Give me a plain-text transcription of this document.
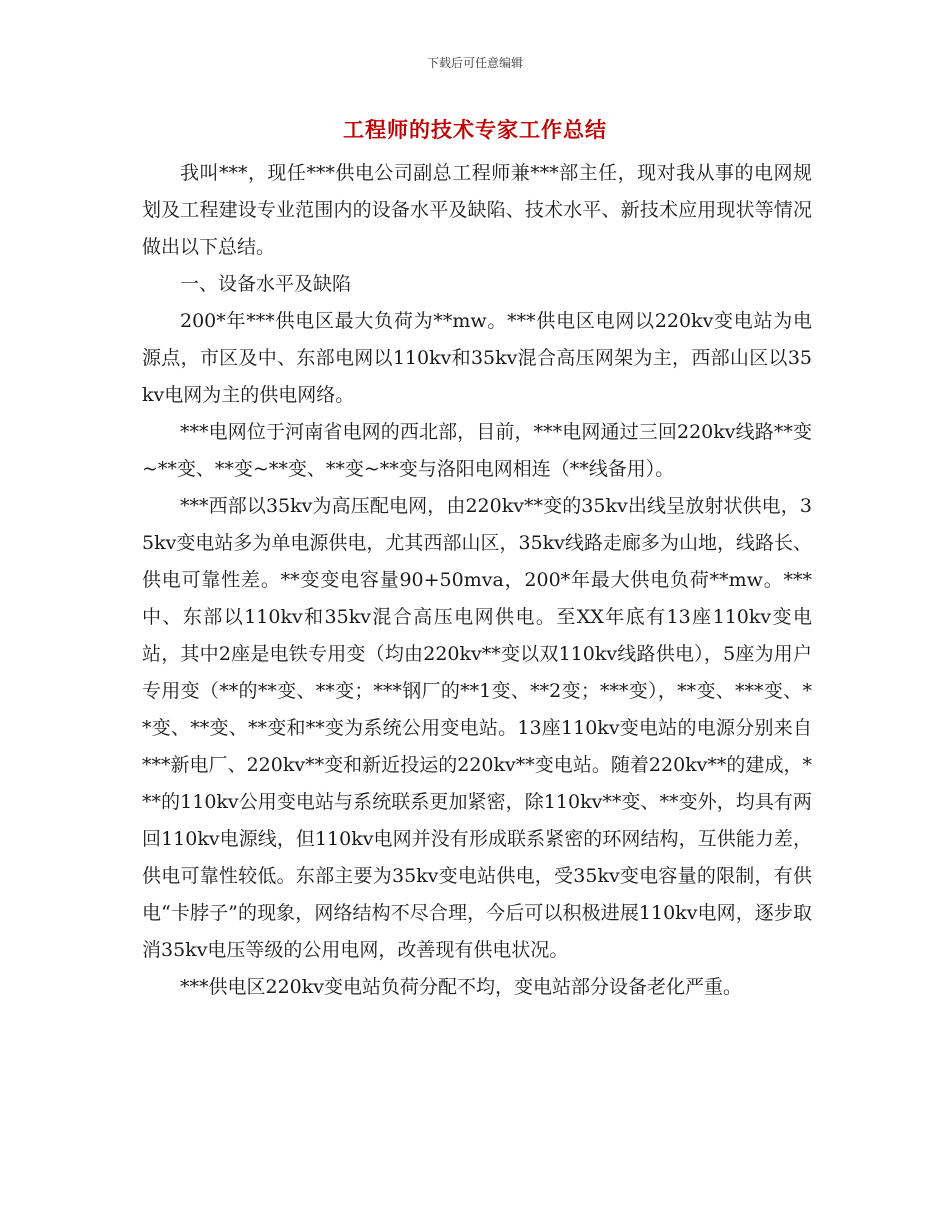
下载后可任意编辑
工程师的技术专家工作总结

我叫***，现任***供电公司副总工程师兼***部主任，现对我从事的电网规划及工程建设专业范围内的设备水平及缺陷、技术水平、新技术应用现状等情况做出以下总结。

一、设备水平及缺陷

200*年***供电区最大负荷为**mw。***供电区电网以220kv变电站为电源点，市区及中、东部电网以110kv和35kv混合高压网架为主，西部山区以35kv电网为主的供电网络。

***电网位于河南省电网的西北部，目前，***电网通过三回220kv线路**变~**变、**变~**变、**变~**变与洛阳电网相连（**线备用）。

***西部以35kv为高压配电网，由220kv**变的35kv出线呈放射状供电，35kv变电站多为单电源供电，尤其西部山区，35kv线路走廊多为山地，线路长、供电可靠性差。**变变电容量90+50mva，200*年最大供电负荷**mw。***中、东部以110kv和35kv混合高压电网供电。至XX年底有13座110kv变电站，其中2座是电铁专用变（均由220kv**变以双110kv线路供电），5座为用户专用变（**的**变、**变；***钢厂的**1变、**2变；***变），**变、***变、**变、**变、**变和**变为系统公用变电站。13座110kv变电站的电源分别来自***新电厂、220kv**变和新近投运的220kv**变电站。随着220kv**的建成，***的110kv公用变电站与系统联系更加紧密，除110kv**变、**变外，均具有两回110kv电源线，但110kv电网并没有形成联系紧密的环网结构，互供能力差，供电可靠性较低。东部主要为35kv变电站供电，受35kv变电容量的限制，有供电“卡脖子”的现象，网络结构不尽合理，今后可以积极进展110kv电网，逐步取消35kv电压等级的公用电网，改善现有供电状况。

***供电区220kv变电站负荷分配不均，变电站部分设备老化严重。
